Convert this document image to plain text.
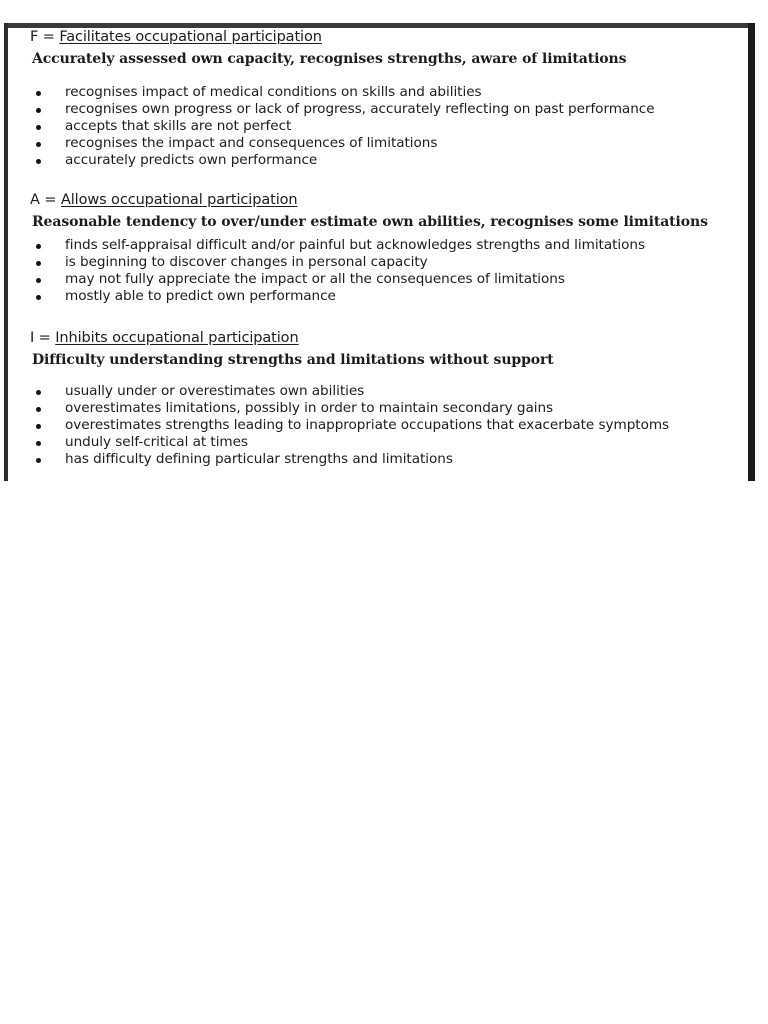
F = Facilitates occupational participation

Accurately assessed own capacity, recognises strengths, aware of limitations

recognises impact of medical conditions on skills and abilities
recognises own progress or lack of progress, accurately reflecting on past performance
accepts that skills are not perfect
recognises the impact and consequences of limitations
accurately predicts own performance

A = Allows occupational participation

Reasonable tendency to over/under estimate own abilities, recognises some limitations

finds self-appraisal difficult and/or painful but acknowledges strengths and limitations
is beginning to discover changes in personal capacity
may not fully appreciate the impact or all the consequences of limitations
mostly able to predict own performance

I = Inhibits occupational participation

Difficulty understanding strengths and limitations without support

usually under or overestimates own abilities
overestimates limitations, possibly in order to maintain secondary gains
overestimates strengths leading to inappropriate occupations that exacerbate symptoms
unduly self-critical at times
has difficulty defining particular strengths and limitations
